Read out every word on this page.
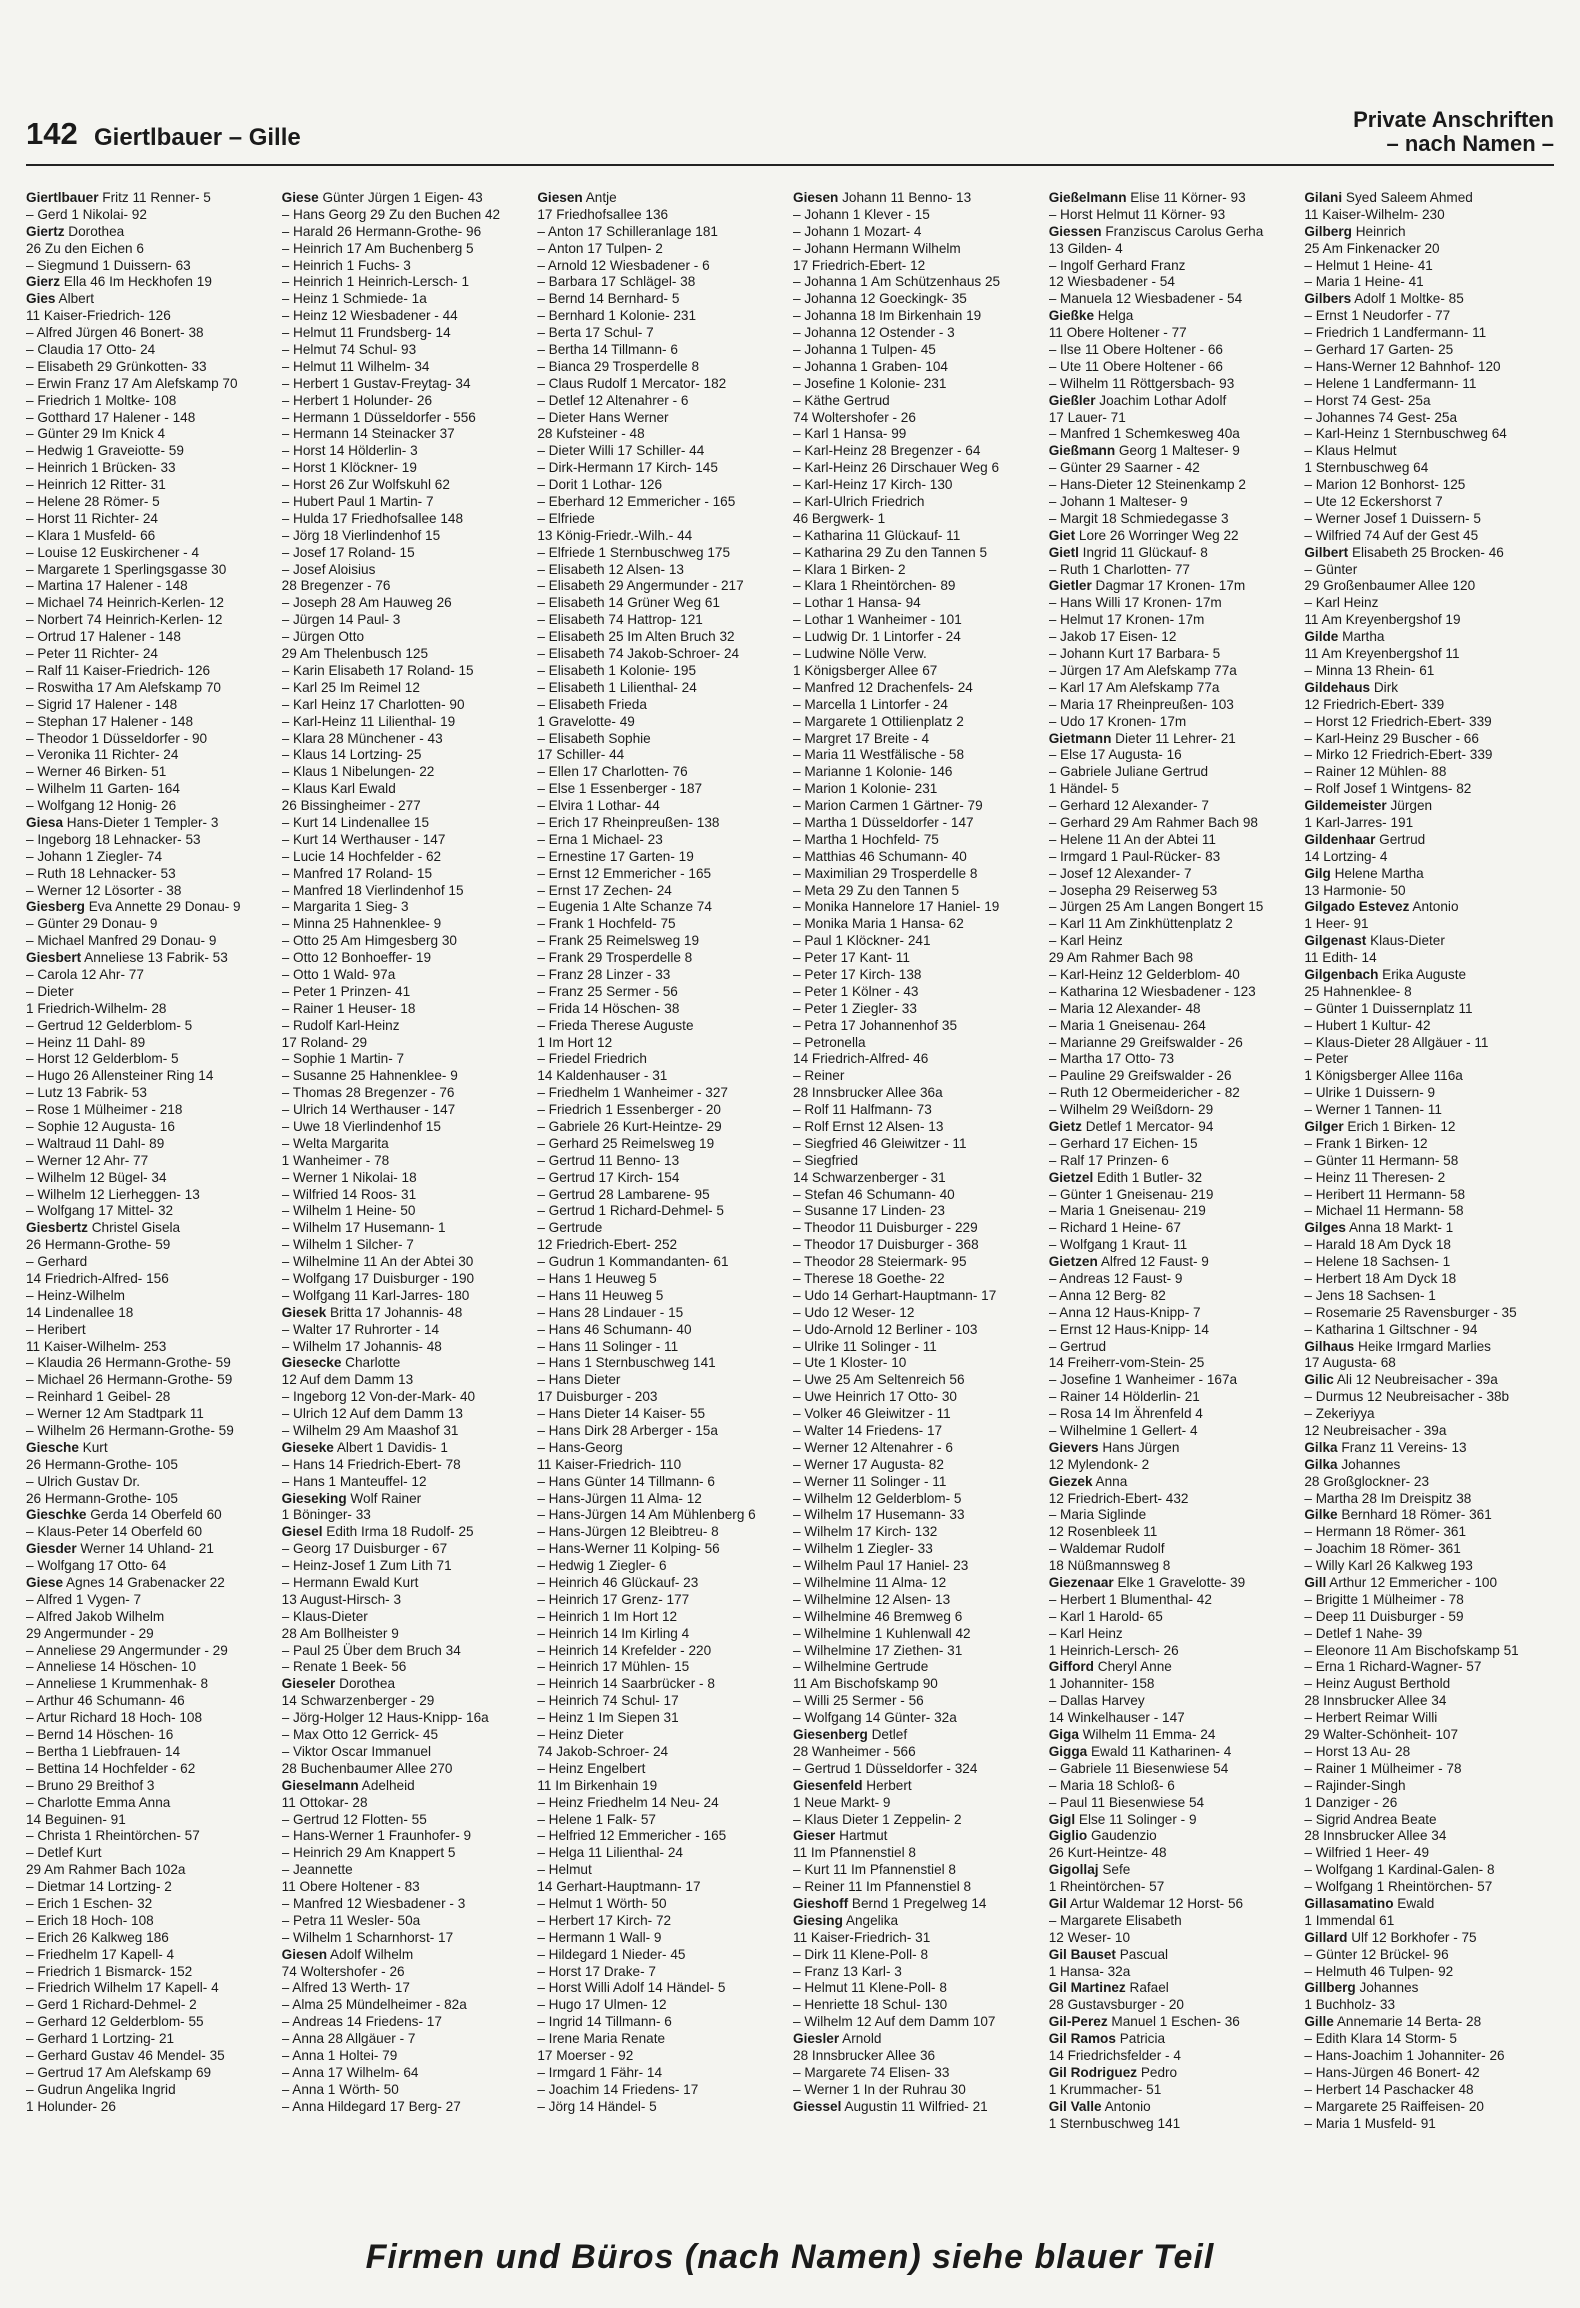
142 Giertlbauer – Gille
Private Anschriften
– nach Namen –
Giertlbauer Fritz 11 Renner- 5
– Gerd 1 Nikolai- 92
Giertz Dorothea
26 Zu den Eichen 6
– Siegmund 1 Duissern- 63
Gierz Ella 46 Im Heckhofen 19
Gies Albert
11 Kaiser-Friedrich- 126
– Alfred Jürgen 46 Bonert- 38
– Claudia 17 Otto- 24
– Elisabeth 29 Grünkotten- 33
– Erwin Franz 17 Am Alefskamp 70
– Friedrich 1 Moltke- 108
– Gotthard 17 Halener - 148
– Günter 29 Im Knick 4
– Hedwig 1 Graveiotte- 59
– Heinrich 1 Brücken- 33
– Heinrich 12 Ritter- 31
– Helene 28 Römer- 5
– Horst 11 Richter- 24
– Klara 1 Musfeld- 66
– Louise 12 Euskirchener - 4
– Margarete 1 Sperlingsgasse 30
– Martina 17 Halener - 148
– Michael 74 Heinrich-Kerlen- 12
– Norbert 74 Heinrich-Kerlen- 12
– Ortrud 17 Halener - 148
– Peter 11 Richter- 24
– Ralf 11 Kaiser-Friedrich- 126
– Roswitha 17 Am Alefskamp 70
– Sigrid 17 Halener - 148
– Stephan 17 Halener - 148
– Theodor 1 Düsseldorfer - 90
– Veronika 11 Richter- 24
– Werner 46 Birken- 51
– Wilhelm 11 Garten- 164
– Wolfgang 12 Honig- 26
Giesa Hans-Dieter 1 Templer- 3
– Ingeborg 18 Lehnacker- 53
– Johann 1 Ziegler- 74
– Ruth 18 Lehnacker- 53
– Werner 12 Lösorter - 38
Giesberg Eva Annette 29 Donau- 9
– Günter 29 Donau- 9
– Michael Manfred 29 Donau- 9
Giesbert Anneliese 13 Fabrik- 53
– Carola 12 Ahr- 77
– Dieter
1 Friedrich-Wilhelm- 28
– Gertrud 12 Gelderblom- 5
– Heinz 11 Dahl- 89
– Horst 12 Gelderblom- 5
– Hugo 26 Allensteiner Ring 14
– Lutz 13 Fabrik- 53
– Rose 1 Mülheimer - 218
– Sophie 12 Augusta- 16
– Waltraud 11 Dahl- 89
– Werner 12 Ahr- 77
– Wilhelm 12 Bügel- 34
– Wilhelm 12 Lierheggen- 13
– Wolfgang 17 Mittel- 32
Giesbertz Christel Gisela
26 Hermann-Grothe- 59
– Gerhard
14 Friedrich-Alfred- 156
– Heinz-Wilhelm
14 Lindenallee 18
– Heribert
11 Kaiser-Wilhelm- 253
– Klaudia 26 Hermann-Grothe- 59
– Michael 26 Hermann-Grothe- 59
– Reinhard 1 Geibel- 28
– Werner 12 Am Stadtpark 11
– Wilhelm 26 Hermann-Grothe- 59
Giesche Kurt
26 Hermann-Grothe- 105
– Ulrich Gustav Dr.
26 Hermann-Grothe- 105
Gieschke Gerda 14 Oberfeld 60
– Klaus-Peter 14 Oberfeld 60
Giesder Werner 14 Uhland- 21
– Wolfgang 17 Otto- 64
Giese Agnes 14 Grabenacker 22
– Alfred 1 Vygen- 7
– Alfred Jakob Wilhelm
29 Angermunder - 29
– Anneliese 29 Angermunder - 29
– Anneliese 14 Höschen- 10
– Anneliese 1 Krummenhak- 8
– Arthur 46 Schumann- 46
– Artur Richard 18 Hoch- 108
– Bernd 14 Höschen- 16
– Bertha 1 Liebfrauen- 14
– Bettina 14 Hochfelder - 62
– Bruno 29 Breithof 3
– Charlotte Emma Anna
14 Beguinen- 91
– Christa 1 Rheintörchen- 57
– Detlef Kurt
29 Am Rahmer Bach 102a
– Dietmar 14 Lortzing- 2
– Erich 1 Eschen- 32
– Erich 18 Hoch- 108
– Erich 26 Kalkweg 186
– Friedhelm 17 Kapell- 4
– Friedrich 1 Bismarck- 152
– Friedrich Wilhelm 17 Kapell- 4
– Gerd 1 Richard-Dehmel- 2
– Gerhard 12 Gelderblom- 55
– Gerhard 1 Lortzing- 21
– Gerhard Gustav 46 Mendel- 35
– Gertrud 17 Am Alefskamp 69
– Gudrun Angelika Ingrid
1 Holunder- 26
Giese Günter Jürgen 1 Eigen- 43
– Hans Georg 29 Zu den Buchen 42
– Harald 26 Hermann-Grothe- 96
– Heinrich 17 Am Buchenberg 5
– Heinrich 1 Fuchs- 3
– Heinrich 1 Heinrich-Lersch- 1
– Heinz 1 Schmiede- 1a
– Heinz 12 Wiesbadener - 44
– Helmut 11 Frundsberg- 14
– Helmut 74 Schul- 93
– Helmut 11 Wilhelm- 34
– Herbert 1 Gustav-Freytag- 34
– Herbert 1 Holunder- 26
– Hermann 1 Düsseldorfer - 556
– Hermann 14 Steinacker 37
– Horst 14 Hölderlin- 3
– Horst 1 Klöckner- 19
– Horst 26 Zur Wolfskuhl 62
– Hubert Paul 1 Martin- 7
– Hulda 17 Friedhofsallee 148
– Jörg 18 Vierlindenhof 15
– Josef 17 Roland- 15
– Josef Aloisius
28 Bregenzer - 76
– Joseph 28 Am Hauweg 26
– Jürgen 14 Paul- 3
– Jürgen Otto
29 Am Thelenbusch 125
– Karin Elisabeth 17 Roland- 15
– Karl 25 Im Reimel 12
– Karl Heinz 17 Charlotten- 90
– Karl-Heinz 11 Lilienthal- 19
– Klara 28 Münchener - 43
– Klaus 14 Lortzing- 25
– Klaus 1 Nibelungen- 22
– Klaus Karl Ewald
26 Bissingheimer - 277
– Kurt 14 Lindenallee 15
– Kurt 14 Werthauser - 147
– Lucie 14 Hochfelder - 62
– Manfred 17 Roland- 15
– Manfred 18 Vierlindenhof 15
– Margarita 1 Sieg- 3
– Minna 25 Hahnenklee- 9
– Otto 25 Am Himgesberg 30
– Otto 12 Bonhoeffer- 19
– Otto 1 Wald- 97a
– Peter 1 Prinzen- 41
– Rainer 1 Heuser- 18
– Rudolf Karl-Heinz
17 Roland- 29
– Sophie 1 Martin- 7
– Susanne 25 Hahnenklee- 9
– Thomas 28 Bregenzer - 76
– Ulrich 14 Werthauser - 147
– Uwe 18 Vierlindenhof 15
– Welta Margarita
1 Wanheimer - 78
– Werner 1 Nikolai- 18
– Wilfried 14 Roos- 31
– Wilhelm 1 Heine- 50
– Wilhelm 17 Husemann- 1
– Wilhelm 1 Silcher- 7
– Wilhelmine 11 An der Abtei 30
– Wolfgang 17 Duisburger - 190
– Wolfgang 11 Karl-Jarres- 180
Giesek Britta 17 Johannis- 48
– Walter 17 Ruhrorter - 14
– Wilhelm 17 Johannis- 48
Giesecke Charlotte
12 Auf dem Damm 13
– Ingeborg 12 Von-der-Mark- 40
– Ulrich 12 Auf dem Damm 13
– Wilhelm 29 Am Maashof 31
Gieseke Albert 1 Davidis- 1
– Hans 14 Friedrich-Ebert- 78
– Hans 1 Manteuffel- 12
Gieseking Wolf Rainer
1 Böninger- 33
Giesel Edith Irma 18 Rudolf- 25
– Georg 17 Duisburger - 67
– Heinz-Josef 1 Zum Lith 71
– Hermann Ewald Kurt
13 August-Hirsch- 3
– Klaus-Dieter
28 Am Bollheister 9
– Paul 25 Über dem Bruch 34
– Renate 1 Beek- 56
Gieseler Dorothea
14 Schwarzenberger - 29
– Jörg-Holger 12 Haus-Knipp- 16a
– Max Otto 12 Gerrick- 45
– Viktor Oscar Immanuel
28 Buchenbaumer Allee 270
Gieselmann Adelheid
11 Ottokar- 28
– Gertrud 12 Flotten- 55
– Hans-Werner 1 Fraunhofer- 9
– Heinrich 29 Am Knappert 5
– Jeannette
11 Obere Holtener - 83
– Manfred 12 Wiesbadener - 3
– Petra 11 Wesler- 50a
– Wilhelm 1 Scharnhorst- 17
Giesen Adolf Wilhelm
74 Woltershofer - 26
– Alfred 13 Werth- 17
– Alma 25 Mündelheimer - 82a
– Andreas 14 Friedens- 17
– Anna 28 Allgäuer - 7
– Anna 1 Holtei- 79
– Anna 17 Wilhelm- 64
– Anna 1 Wörth- 50
– Anna Hildegard 17 Berg- 27
Giesen Antje
17 Friedhofsallee 136
– Anton 17 Schilleranlage 181
– Anton 17 Tulpen- 2
– Arnold 12 Wiesbadener - 6
– Barbara 17 Schlägel- 38
– Bernd 14 Bernhard- 5
– Bernhard 1 Kolonie- 231
– Berta 17 Schul- 7
– Bertha 14 Tillmann- 6
– Bianca 29 Trosperdelle 8
– Claus Rudolf 1 Mercator- 182
– Detlef 12 Altenahrer - 6
– Dieter Hans Werner
28 Kufsteiner - 48
– Dieter Willi 17 Schiller- 44
– Dirk-Hermann 17 Kirch- 145
– Dorit 1 Lothar- 126
– Eberhard 12 Emmericher - 165
– Elfriede
13 König-Friedr.-Wilh.- 44
– Elfriede 1 Sternbuschweg 175
– Elisabeth 12 Alsen- 13
– Elisabeth 29 Angermunder - 217
– Elisabeth 14 Grüner Weg 61
– Elisabeth 74 Hattrop- 121
– Elisabeth 25 Im Alten Bruch 32
– Elisabeth 74 Jakob-Schroer- 24
– Elisabeth 1 Kolonie- 195
– Elisabeth 1 Lilienthal- 24
– Elisabeth Frieda
1 Gravelotte- 49
– Elisabeth Sophie
17 Schiller- 44
– Ellen 17 Charlotten- 76
– Else 1 Essenberger - 187
– Elvira 1 Lothar- 44
– Erich 17 Rheinpreußen- 138
– Erna 1 Michael- 23
– Ernestine 17 Garten- 19
– Ernst 12 Emmericher - 165
– Ernst 17 Zechen- 24
– Eugenia 1 Alte Schanze 74
– Frank 1 Hochfeld- 75
– Frank 25 Reimelsweg 19
– Frank 29 Trosperdelle 8
– Franz 28 Linzer - 33
– Franz 25 Sermer - 56
– Frida 14 Höschen- 38
– Frieda Therese Auguste
1 Im Hort 12
– Friedel Friedrich
14 Kaldenhauser - 31
– Friedhelm 1 Wanheimer - 327
– Friedrich 1 Essenberger - 20
– Gabriele 26 Kurt-Heintze- 29
– Gerhard 25 Reimelsweg 19
– Gertrud 11 Benno- 13
– Gertrud 17 Kirch- 154
– Gertrud 28 Lambarene- 95
– Gertrud 1 Richard-Dehmel- 5
– Gertrude
12 Friedrich-Ebert- 252
– Gudrun 1 Kommandanten- 61
– Hans 1 Heuweg 5
– Hans 11 Heuweg 5
– Hans 28 Lindauer - 15
– Hans 46 Schumann- 40
– Hans 11 Solinger - 11
– Hans 1 Sternbuschweg 141
– Hans Dieter
17 Duisburger - 203
– Hans Dieter 14 Kaiser- 55
– Hans Dirk 28 Arberger - 15a
– Hans-Georg
11 Kaiser-Friedrich- 110
– Hans Günter 14 Tillmann- 6
– Hans-Jürgen 11 Alma- 12
– Hans-Jürgen 14 Am Mühlenberg 6
– Hans-Jürgen 12 Bleibtreu- 8
– Hans-Werner 11 Kolping- 56
– Hedwig 1 Ziegler- 6
– Heinrich 46 Glückauf- 23
– Heinrich 17 Grenz- 177
– Heinrich 1 Im Hort 12
– Heinrich 14 Im Kirling 4
– Heinrich 14 Krefelder - 220
– Heinrich 17 Mühlen- 15
– Heinrich 14 Saarbrücker - 8
– Heinrich 74 Schul- 17
– Heinz 1 Im Siepen 31
– Heinz Dieter
74 Jakob-Schroer- 24
– Heinz Engelbert
11 Im Birkenhain 19
– Heinz Friedhelm 14 Neu- 24
– Helene 1 Falk- 57
– Helfried 12 Emmericher - 165
– Helga 11 Lilienthal- 24
– Helmut
14 Gerhart-Hauptmann- 17
– Helmut 1 Wörth- 50
– Herbert 17 Kirch- 72
– Hermann 1 Wall- 9
– Hildegard 1 Nieder- 45
– Horst 17 Drake- 7
– Horst Willi Adolf 14 Händel- 5
– Hugo 17 Ulmen- 12
– Ingrid 14 Tillmann- 6
– Irene Maria Renate
17 Moerser - 92
– Irmgard 1 Fähr- 14
– Joachim 14 Friedens- 17
– Jörg 14 Händel- 5
Giesen Johann 11 Benno- 13
– Johann 1 Klever - 15
– Johann 1 Mozart- 4
– Johann Hermann Wilhelm
17 Friedrich-Ebert- 12
– Johanna 1 Am Schützenhaus 25
– Johanna 12 Goeckingk- 35
– Johanna 18 Im Birkenhain 19
– Johanna 12 Ostender - 3
– Johanna 1 Tulpen- 45
– Johanna 1 Graben- 104
– Josefine 1 Kolonie- 231
– Käthe Gertrud
74 Woltershofer - 26
– Karl 1 Hansa- 99
– Karl-Heinz 28 Bregenzer - 64
– Karl-Heinz 26 Dirschauer Weg 6
– Karl-Heinz 17 Kirch- 130
– Karl-Ulrich Friedrich
46 Bergwerk- 1
– Katharina 11 Glückauf- 11
– Katharina 29 Zu den Tannen 5
– Klara 1 Birken- 2
– Klara 1 Rheintörchen- 89
– Lothar 1 Hansa- 94
– Lothar 1 Wanheimer - 101
– Ludwig Dr. 1 Lintorfer - 24
– Ludwine Nölle Verw.
1 Königsberger Allee 67
– Manfred 12 Drachenfels- 24
– Marcella 1 Lintorfer - 24
– Margarete 1 Ottilienplatz 2
– Margret 17 Breite - 4
– Maria 11 Westfälische - 58
– Marianne 1 Kolonie- 146
– Marion 1 Kolonie- 231
– Marion Carmen 1 Gärtner- 79
– Martha 1 Düsseldorfer - 147
– Martha 1 Hochfeld- 75
– Matthias 46 Schumann- 40
– Maximilian 29 Trosperdelle 8
– Meta 29 Zu den Tannen 5
– Monika Hannelore 17 Haniel- 19
– Monika Maria 1 Hansa- 62
– Paul 1 Klöckner- 241
– Peter 17 Kant- 11
– Peter 17 Kirch- 138
– Peter 1 Kölner - 43
– Peter 1 Ziegler- 33
– Petra 17 Johannenhof 35
– Petronella
14 Friedrich-Alfred- 46
– Reiner
28 Innsbrucker Allee 36a
– Rolf 11 Halfmann- 73
– Rolf Ernst 12 Alsen- 13
– Siegfried 46 Gleiwitzer - 11
– Siegfried
14 Schwarzenberger - 31
– Stefan 46 Schumann- 40
– Susanne 17 Linden- 23
– Theodor 11 Duisburger - 229
– Theodor 17 Duisburger - 368
– Theodor 28 Steiermark- 95
– Therese 18 Goethe- 22
– Udo 14 Gerhart-Hauptmann- 17
– Udo 12 Weser- 12
– Udo-Arnold 12 Berliner - 103
– Ulrike 11 Solinger - 11
– Ute 1 Kloster- 10
– Uwe 25 Am Seltenreich 56
– Uwe Heinrich 17 Otto- 30
– Volker 46 Gleiwitzer - 11
– Walter 14 Friedens- 17
– Werner 12 Altenahrer - 6
– Werner 17 Augusta- 82
– Werner 11 Solinger - 11
– Wilhelm 12 Gelderblom- 5
– Wilhelm 17 Husemann- 33
– Wilhelm 17 Kirch- 132
– Wilhelm 1 Ziegler- 33
– Wilhelm Paul 17 Haniel- 23
– Wilhelmine 11 Alma- 12
– Wilhelmine 12 Alsen- 13
– Wilhelmine 46 Bremweg 6
– Wilhelmine 1 Kuhlenwall 42
– Wilhelmine 17 Ziethen- 31
– Wilhelmine Gertrude
11 Am Bischofskamp 90
– Willi 25 Sermer - 56
– Wolfgang 14 Günter- 32a
Giesenberg Detlef
28 Wanheimer - 566
– Gertrud 1 Düsseldorfer - 324
Giesenfeld Herbert
1 Neue Markt- 9
– Klaus Dieter 1 Zeppelin- 2
Gieser Hartmut
11 Im Pfannenstiel 8
– Kurt 11 Im Pfannenstiel 8
– Reiner 11 Im Pfannenstiel 8
Gieshoff Bernd 1 Pregelweg 14
Giesing Angelika
11 Kaiser-Friedrich- 31
– Dirk 11 Klene-Poll- 8
– Franz 13 Karl- 3
– Helmut 11 Klene-Poll- 8
– Henriette 18 Schul- 130
– Wilhelm 12 Auf dem Damm 107
Giesler Arnold
28 Innsbrucker Allee 36
– Margarete 74 Elisen- 33
– Werner 1 In der Ruhrau 30
Giessel Augustin 11 Wilfried- 21
Gießelmann Elise 11 Körner- 93
– Horst Helmut 11 Körner- 93
Giessen Franziscus Carolus Gerha
13 Gilden- 4
– Ingolf Gerhard Franz
12 Wiesbadener - 54
– Manuela 12 Wiesbadener - 54
Gießke Helga
11 Obere Holtener - 77
– Ilse 11 Obere Holtener - 66
– Ute 11 Obere Holtener - 66
– Wilhelm 11 Röttgersbach- 93
Gießler Joachim Lothar Adolf
17 Lauer- 71
– Manfred 1 Schemkesweg 40a
Gießmann Georg 1 Malteser- 9
– Günter 29 Saarner - 42
– Hans-Dieter 12 Steinenkamp 2
– Johann 1 Malteser- 9
– Margit 18 Schmiedegasse 3
Giet Lore 26 Worringer Weg 22
Gietl Ingrid 11 Glückauf- 8
– Ruth 1 Charlotten- 77
Gietler Dagmar 17 Kronen- 17m
– Hans Willi 17 Kronen- 17m
– Helmut 17 Kronen- 17m
– Jakob 17 Eisen- 12
– Johann Kurt 17 Barbara- 5
– Jürgen 17 Am Alefskamp 77a
– Karl 17 Am Alefskamp 77a
– Maria 17 Rheinpreußen- 103
– Udo 17 Kronen- 17m
Gietmann Dieter 11 Lehrer- 21
– Else 17 Augusta- 16
– Gabriele Juliane Gertrud
1 Händel- 5
– Gerhard 12 Alexander- 7
– Gerhard 29 Am Rahmer Bach 98
– Helene 11 An der Abtei 11
– Irmgard 1 Paul-Rücker- 83
– Josef 12 Alexander- 7
– Josepha 29 Reiserweg 53
– Jürgen 25 Am Langen Bongert 15
– Karl 11 Am Zinkhüttenplatz 2
– Karl Heinz
29 Am Rahmer Bach 98
– Karl-Heinz 12 Gelderblom- 40
– Katharina 12 Wiesbadener - 123
– Maria 12 Alexander- 48
– Maria 1 Gneisenau- 264
– Marianne 29 Greifswalder - 26
– Martha 17 Otto- 73
– Pauline 29 Greifswalder - 26
– Ruth 12 Obermeidericher - 82
– Wilhelm 29 Weißdorn- 29
Gietz Detlef 1 Mercator- 94
– Gerhard 17 Eichen- 15
– Ralf 17 Prinzen- 6
Gietzel Edith 1 Butler- 32
– Günter 1 Gneisenau- 219
– Maria 1 Gneisenau- 219
– Richard 1 Heine- 67
– Wolfgang 1 Kraut- 11
Gietzen Alfred 12 Faust- 9
– Andreas 12 Faust- 9
– Anna 12 Berg- 82
– Anna 12 Haus-Knipp- 7
– Ernst 12 Haus-Knipp- 14
– Gertrud
14 Freiherr-vom-Stein- 25
– Josefine 1 Wanheimer - 167a
– Rainer 14 Hölderlin- 21
– Rosa 14 Im Ährenfeld 4
– Wilhelmine 1 Gellert- 4
Gievers Hans Jürgen
12 Mylendonk- 2
Giezek Anna
12 Friedrich-Ebert- 432
– Maria Siglinde
12 Rosenbleek 11
– Waldemar Rudolf
18 Nüßmannsweg 8
Giezenaar Elke 1 Gravelotte- 39
– Herbert 1 Blumenthal- 42
– Karl 1 Harold- 65
– Karl Heinz
1 Heinrich-Lersch- 26
Gifford Cheryl Anne
1 Johanniter- 158
– Dallas Harvey
14 Winkelhauser - 147
Giga Wilhelm 11 Emma- 24
Gigga Ewald 11 Katharinen- 4
– Gabriele 11 Biesenwiese 54
– Maria 18 Schloß- 6
– Paul 11 Biesenwiese 54
Gigl Else 11 Solinger - 9
Giglio Gaudenzio
26 Kurt-Heintze- 48
Gigollaj Sefe
1 Rheintörchen- 57
Gil Artur Waldemar 12 Horst- 56
– Margarete Elisabeth
12 Weser- 10
Gil Bauset Pascual
1 Hansa- 32a
Gil Martinez Rafael
28 Gustavsburger - 20
Gil-Perez Manuel 1 Eschen- 36
Gil Ramos Patricia
14 Friedrichsfelder - 4
Gil Rodriguez Pedro
1 Krummacher- 51
Gil Valle Antonio
1 Sternbuschweg 141
Gilani Syed Saleem Ahmed
11 Kaiser-Wilhelm- 230
Gilberg Heinrich
25 Am Finkenacker 20
– Helmut 1 Heine- 41
– Maria 1 Heine- 41
Gilbers Adolf 1 Moltke- 85
– Ernst 1 Neudorfer - 77
– Friedrich 1 Landfermann- 11
– Gerhard 17 Garten- 25
– Hans-Werner 12 Bahnhof- 120
– Helene 1 Landfermann- 11
– Horst 74 Gest- 25a
– Johannes 74 Gest- 25a
– Karl-Heinz 1 Sternbuschweg 64
– Klaus Helmut
1 Sternbuschweg 64
– Marion 12 Bonhorst- 125
– Ute 12 Eckershorst 7
– Werner Josef 1 Duissern- 5
– Wilfried 74 Auf der Gest 45
Gilbert Elisabeth 25 Brocken- 46
– Günter
29 Großenbaumer Allee 120
– Karl Heinz
11 Am Kreyenbergshof 19
Gilde Martha
11 Am Kreyenbergshof 11
– Minna 13 Rhein- 61
Gildehaus Dirk
12 Friedrich-Ebert- 339
– Horst 12 Friedrich-Ebert- 339
– Karl-Heinz 29 Buscher - 66
– Mirko 12 Friedrich-Ebert- 339
– Rainer 12 Mühlen- 88
– Rolf Josef 1 Wintgens- 82
Gildemeister Jürgen
1 Karl-Jarres- 191
Gildenhaar Gertrud
14 Lortzing- 4
Gilg Helene Martha
13 Harmonie- 50
Gilgado Estevez Antonio
1 Heer- 91
Gilgenast Klaus-Dieter
11 Edith- 14
Gilgenbach Erika Auguste
25 Hahnenklee- 8
– Günter 1 Duissernplatz 11
– Hubert 1 Kultur- 42
– Klaus-Dieter 28 Allgäuer - 11
– Peter
1 Königsberger Allee 116a
– Ulrike 1 Duissern- 9
– Werner 1 Tannen- 11
Gilger Erich 1 Birken- 12
– Frank 1 Birken- 12
– Günter 11 Hermann- 58
– Heinz 11 Theresen- 2
– Heribert 11 Hermann- 58
– Michael 11 Hermann- 58
Gilges Anna 18 Markt- 1
– Harald 18 Am Dyck 18
– Helene 18 Sachsen- 1
– Herbert 18 Am Dyck 18
– Jens 18 Sachsen- 1
– Rosemarie 25 Ravensburger - 35
– Katharina 1 Giltschner - 94
Gilhaus Heike Irmgard Marlies
17 Augusta- 68
Gilic Ali 12 Neubreisacher - 39a
– Durmus 12 Neubreisacher - 38b
– Zekeriyya
12 Neubreisacher - 39a
Gilka Franz 11 Vereins- 13
Gilka Johannes
28 Großglockner- 23
– Martha 28 Im Dreispitz 38
Gilke Bernhard 18 Römer- 361
– Hermann 18 Römer- 361
– Joachim 18 Römer- 361
– Willy Karl 26 Kalkweg 193
Gill Arthur 12 Emmericher - 100
– Brigitte 1 Mülheimer - 78
– Deep 11 Duisburger - 59
– Detlef 1 Nahe- 39
– Eleonore 11 Am Bischofskamp 51
– Erna 1 Richard-Wagner- 57
– Heinz August Berthold
28 Innsbrucker Allee 34
– Herbert Reimar Willi
29 Walter-Schönheit- 107
– Horst 13 Au- 28
– Rainer 1 Mülheimer - 78
– Rajinder-Singh
1 Danziger - 26
– Sigrid Andrea Beate
28 Innsbrucker Allee 34
– Wilfried 1 Heer- 49
– Wolfgang 1 Kardinal-Galen- 8
– Wolfgang 1 Rheintörchen- 57
Gillasamatino Ewald
1 Immendal 61
Gillard Ulf 12 Borkhofer - 75
– Günter 12 Brückel- 96
– Helmuth 46 Tulpen- 92
Gillberg Johannes
1 Buchholz- 33
Gille Annemarie 14 Berta- 28
– Edith Klara 14 Storm- 5
– Hans-Joachim 1 Johanniter- 26
– Hans-Jürgen 46 Bonert- 42
– Herbert 14 Paschacker 48
– Margarete 25 Raiffeisen- 20
– Maria 1 Musfeld- 91
Firmen und Büros (nach Namen) siehe blauer Teil
